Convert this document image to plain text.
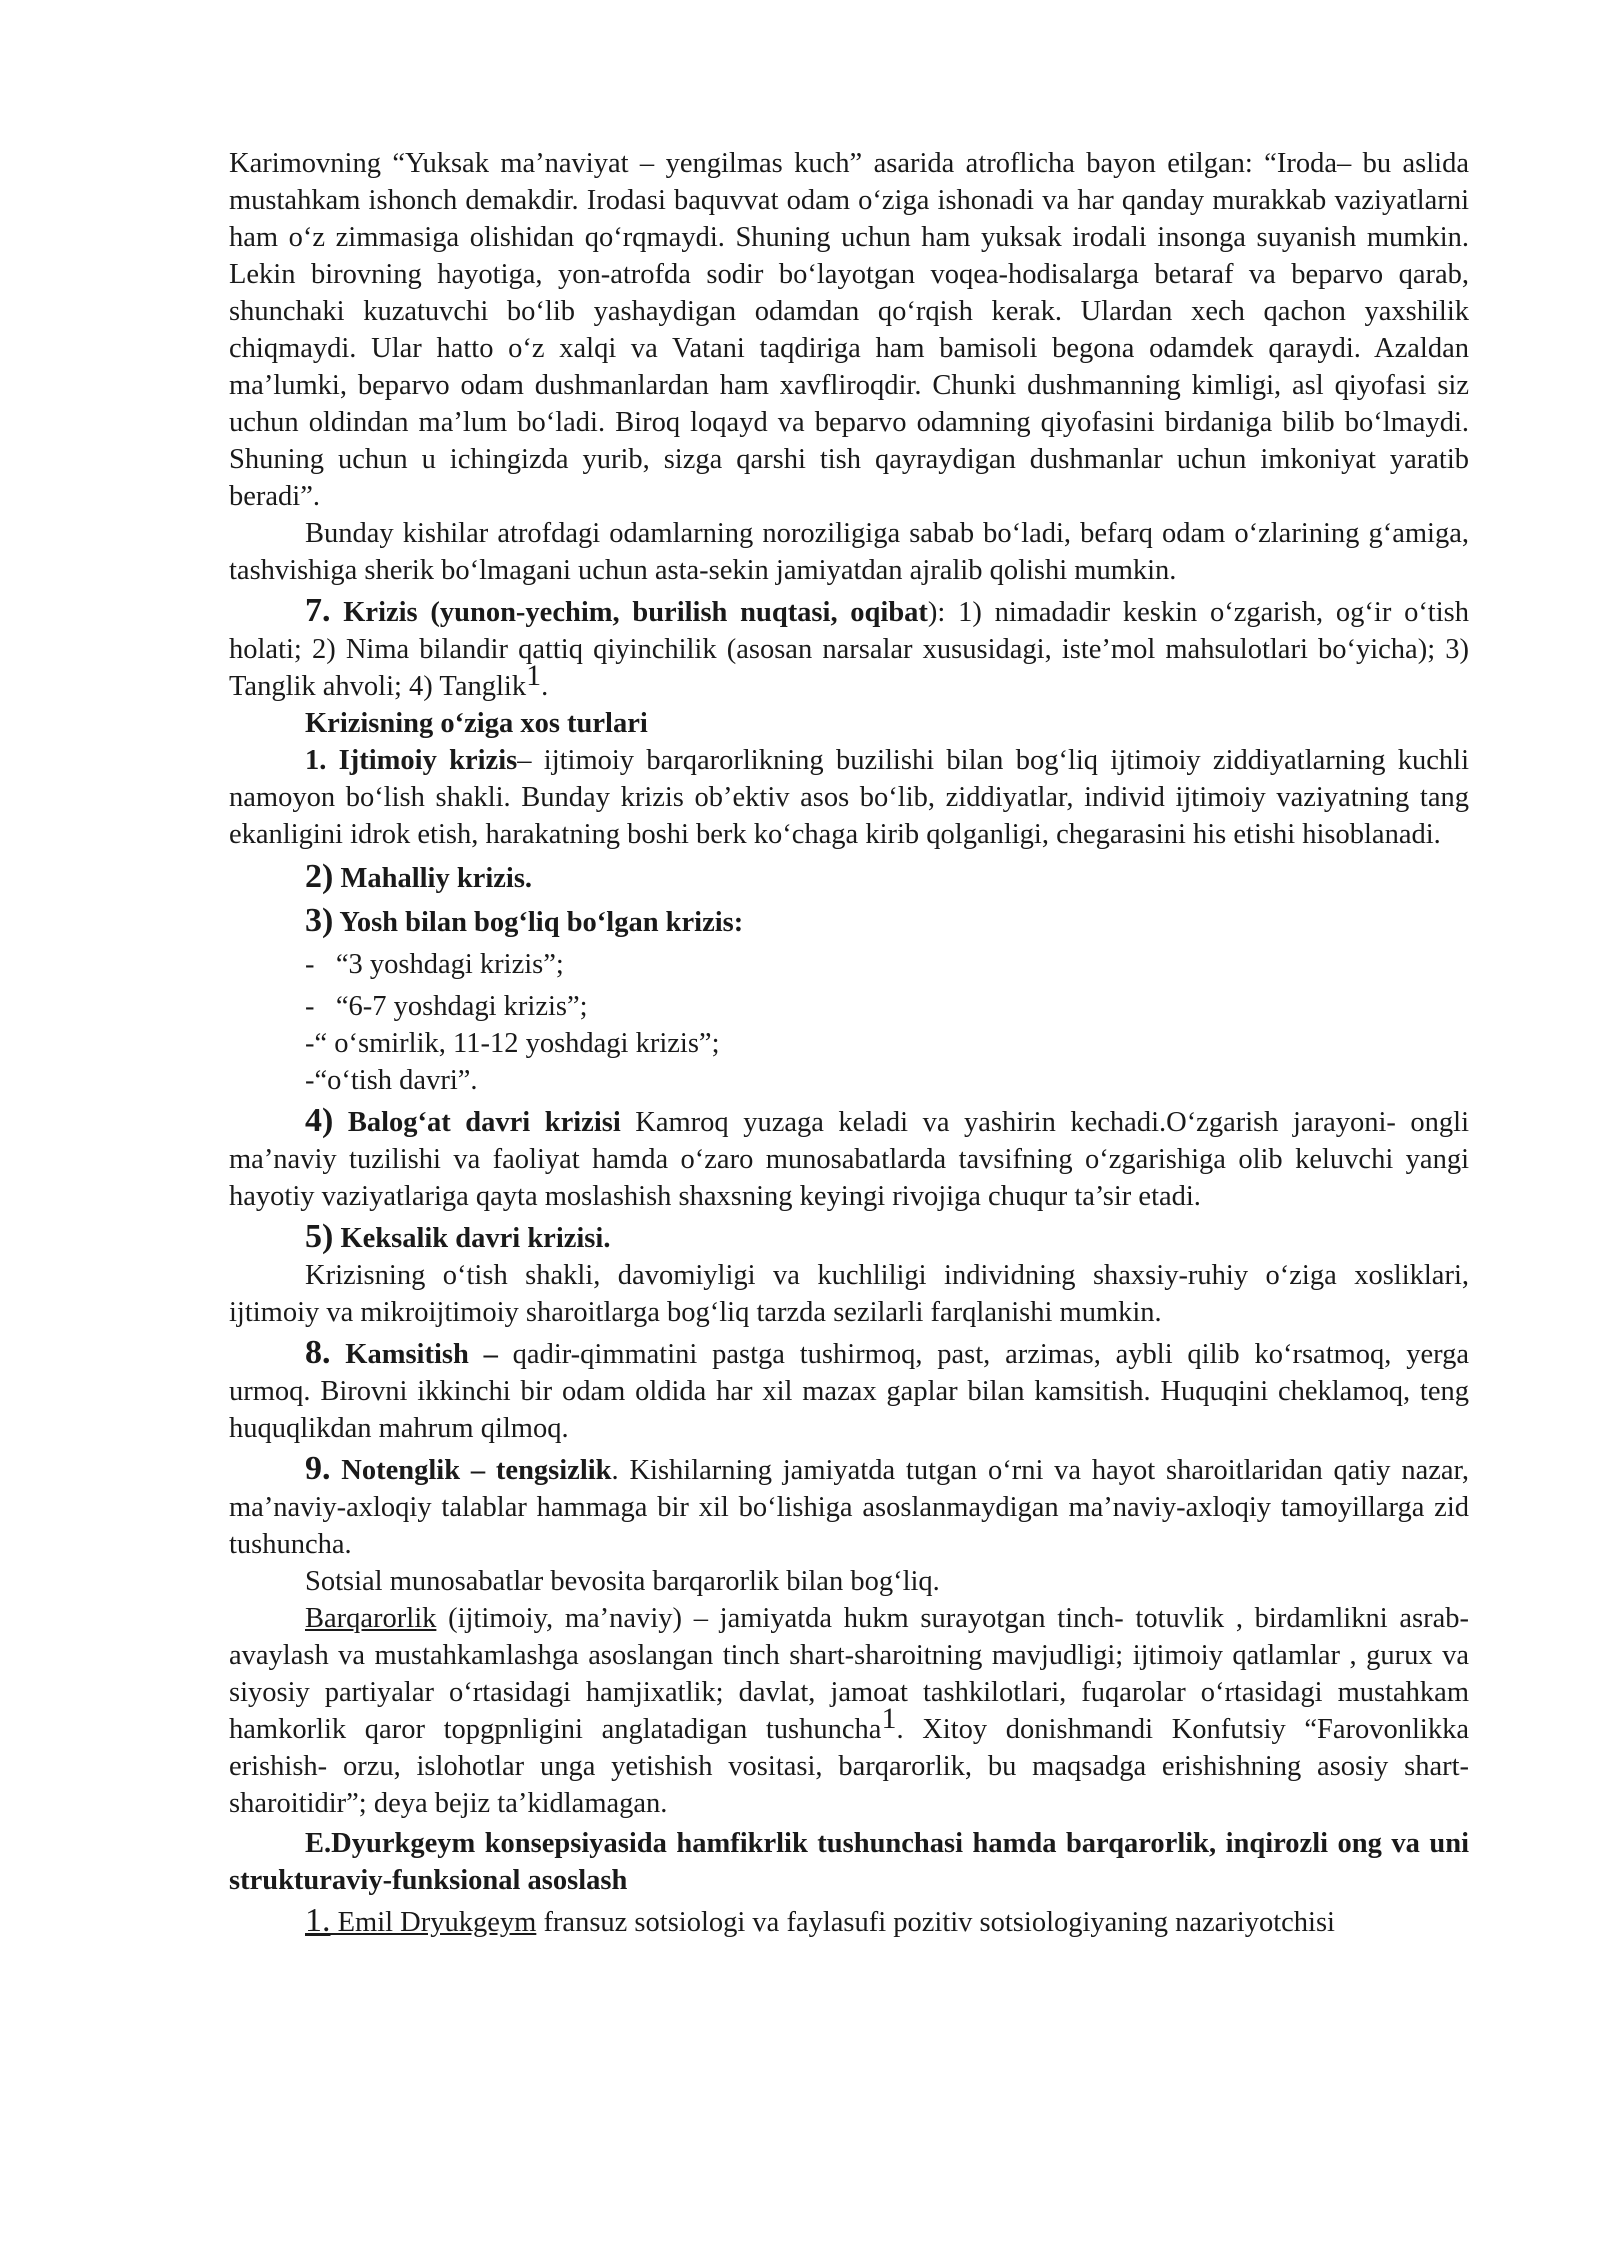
Karimovning “Yuksak ma’naviyat – yengilmas kuch” asarida atroflicha bayon etilgan: “Iroda– bu aslida mustahkam ishonch demakdir. Irodasi baquvvat odam o‘ziga ishonadi va har qanday murakkab vaziyatlarni ham o‘z zimmasiga olishidan qo‘rqmaydi. Shuning uchun ham yuksak irodali insonga suyanish mumkin. Lekin birovning hayotiga, yon-atrofda sodir bo‘layotgan voqea-hodisalarga betaraf va beparvo qarab, shunchaki kuzatuvchi bo‘lib yashaydigan odamdan qo‘rqish kerak. Ulardan xech qachon yaxshilik chiqmaydi. Ular hatto o‘z xalqi va Vatani taqdiriga ham bamisoli begona odamdek qaraydi. Azaldan ma’lumki, beparvo odam dushmanlardan ham xavfliroqdir. Chunki dushmanning kimligi, asl qiyofasi siz uchun oldindan ma’lum bo‘ladi. Biroq loqayd va beparvo odamning qiyofasini birdaniga bilib bo‘lmaydi. Shuning uchun u ichingizda yurib, sizga qarshi tish qayraydigan dushmanlar uchun imkoniyat yaratib beradi”.

Bunday kishilar atrofdagi odamlarning noroziligiga sabab bo‘ladi, befarq odam o‘zlarining g‘amiga, tashvishiga sherik bo‘lmagani uchun asta-sekin jamiyatdan ajralib qolishi mumkin.

7. Krizis (yunon-yechim, burilish nuqtasi, oqibat): 1) nimadadir keskin o‘zgarish, og‘ir o‘tish holati; 2) Nima bilandir qattiq qiyinchilik (asosan narsalar xususidagi, iste’mol mahsulotlari bo‘yicha); 3) Tanglik ahvoli; 4) Tanglik$^1$.

Krizisning o‘ziga xos turlari

1. Ijtimoiy krizis– ijtimoiy barqarorlikning buzilishi bilan bog‘liq ijtimoiy ziddiyatlarning kuchli namoyon bo‘lish shakli. Bunday krizis ob’ektiv asos bo‘lib, ziddiyatlar, individ ijtimoiy vaziyatning tang ekanligini idrok etish, harakatning boshi berk ko‘chaga kirib qolganligi, chegarasini his etishi hisoblanadi.

2) Mahalliy krizis.

3) Yosh bilan bog‘liq bo‘lgan krizis:

-   “3 yoshdagi krizis”;

-   “6-7 yoshdagi krizis”;

-“ o‘smirlik, 11-12 yoshdagi krizis”;

-“o‘tish davri”.

4) Balog‘at davri krizisi Kamroq yuzaga keladi va yashirin kechadi.O‘zgarish jarayoni- ongli ma’naviy tuzilishi va faoliyat hamda o‘zaro munosabatlarda tavsifning o‘zgarishiga olib keluvchi yangi hayotiy vaziyatlariga qayta moslashish shaxsning keyingi rivojiga chuqur ta’sir etadi.

5) Keksalik davri krizisi.

Krizisning o‘tish shakli, davomiyligi va kuchliligi individning shaxsiy-ruhiy o‘ziga xosliklari, ijtimoiy va mikroijtimoiy sharoitlarga bog‘liq tarzda sezilarli farqlanishi mumkin.

8. Kamsitish – qadir-qimmatini pastga tushirmoq, past, arzimas, aybli qilib ko‘rsatmoq, yerga urmoq. Birovni ikkinchi bir odam oldida har xil mazax gaplar bilan kamsitish. Huquqini cheklamoq, teng huquqlikdan mahrum qilmoq.

9. Notenglik – tengsizlik. Kishilarning jamiyatda tutgan o‘rni va hayot sharoitlaridan qatiy nazar, ma’naviy-axloqiy talablar hammaga bir xil bo‘lishiga asoslanmaydigan ma’naviy-axloqiy tamoyillarga zid tushuncha.

Sotsial munosabatlar bevosita barqarorlik bilan bog‘liq.

Barqarorlik (ijtimoiy, ma’naviy) – jamiyatda hukm surayotgan tinch- totuvlik , birdamlikni asrab- avaylash va mustahkamlashga asoslangan tinch shart-sharoitning mavjudligi; ijtimoiy qatlamlar , gurux va siyosiy partiyalar o‘rtasidagi hamjixatlik; davlat, jamoat tashkilotlari, fuqarolar o‘rtasidagi mustahkam hamkorlik qaror topgpnligini anglatadigan tushuncha$^1$. Xitoy donishmandi Konfutsiy “Farovonlikka erishish- orzu, islohotlar unga yetishish vositasi, barqarorlik, bu maqsadga erishishning asosiy shart- sharoitidir”; deya bejiz ta’kidlamagan.

E.Dyurkgeym konsepsiyasida hamfikrlik tushunchasi hamda barqarorlik, inqirozli ong va uni strukturaviy-funksional asoslash

1. Emil Dryukgeym fransuz sotsiologi va faylasufi pozitiv sotsiologiyaning nazariyotchisi
